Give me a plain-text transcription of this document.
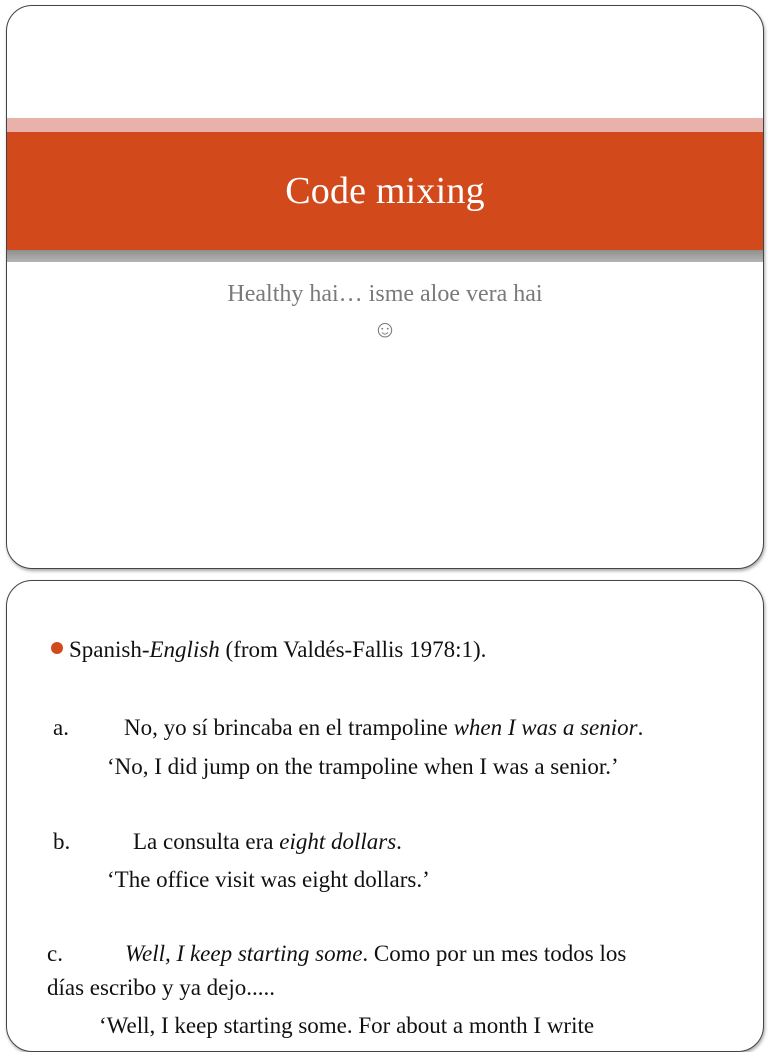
Code mixing
Healthy hai… isme aloe vera hai
☺
Spanish-English (from Valdés-Fallis 1978:1).
a. No, yo sí brincaba en el trampoline when I was a senior.
‘No, I did jump on the trampoline when I was a senior.’
b.	La consulta era eight dollars.
‘The office visit was eight dollars.’
c.	Well, I keep starting some. Como por un mes todos los
días escribo y ya dejo.....
‘Well, I keep starting some. For about a month I write
